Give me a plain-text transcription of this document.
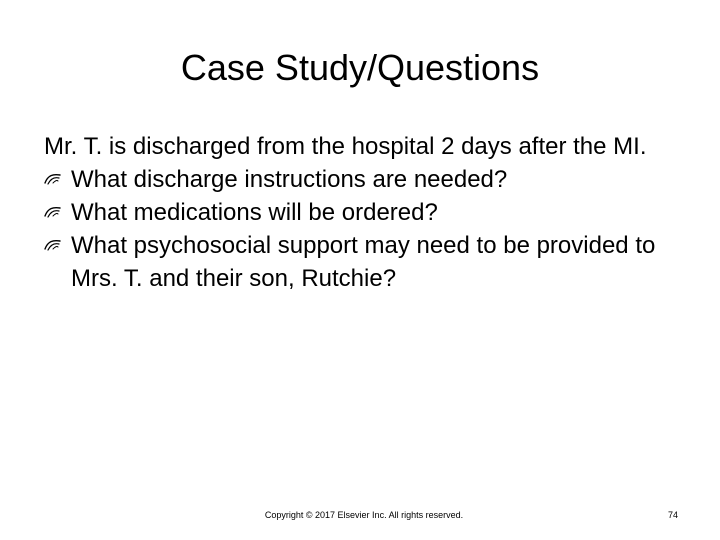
Case Study/Questions

Mr. T. is discharged from the hospital 2 days after the MI.

What discharge instructions are needed?
What medications will be ordered?
What psychosocial support may need to be provided to Mrs. T. and their son, Rutchie?
Copyright © 2017 Elsevier Inc. All rights reserved.	74
